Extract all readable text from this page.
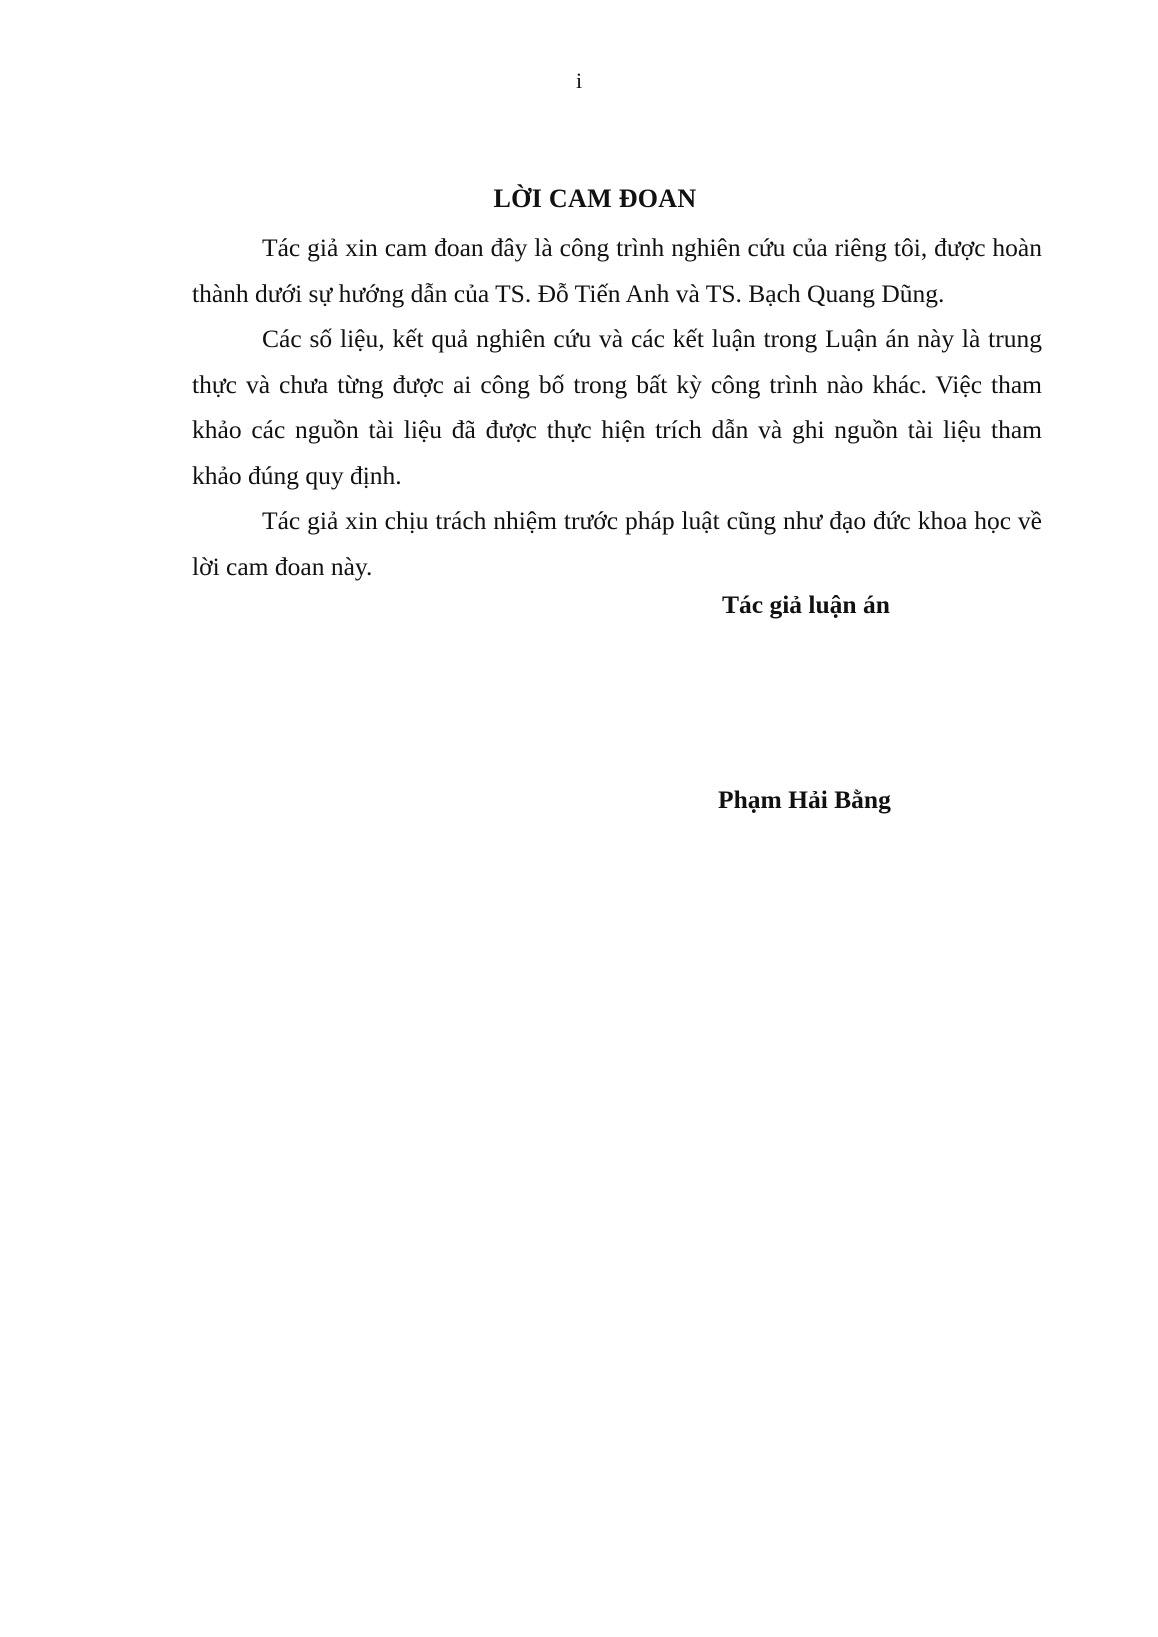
i
LỜI CAM ĐOAN

Tác giả xin cam đoan đây là công trình nghiên cứu của riêng tôi, được hoàn thành dưới sự hướng dẫn của TS. Đỗ Tiến Anh và TS. Bạch Quang Dũng.

Các số liệu, kết quả nghiên cứu và các kết luận trong Luận án này là trung thực và chưa từng được ai công bố trong bất kỳ công trình nào khác. Việc tham khảo các nguồn tài liệu đã được thực hiện trích dẫn và ghi nguồn tài liệu tham khảo đúng quy định.

Tác giả xin chịu trách nhiệm trước pháp luật cũng như đạo đức khoa học về lời cam đoan này.

Tác giả luận án
Phạm Hải Bằng
